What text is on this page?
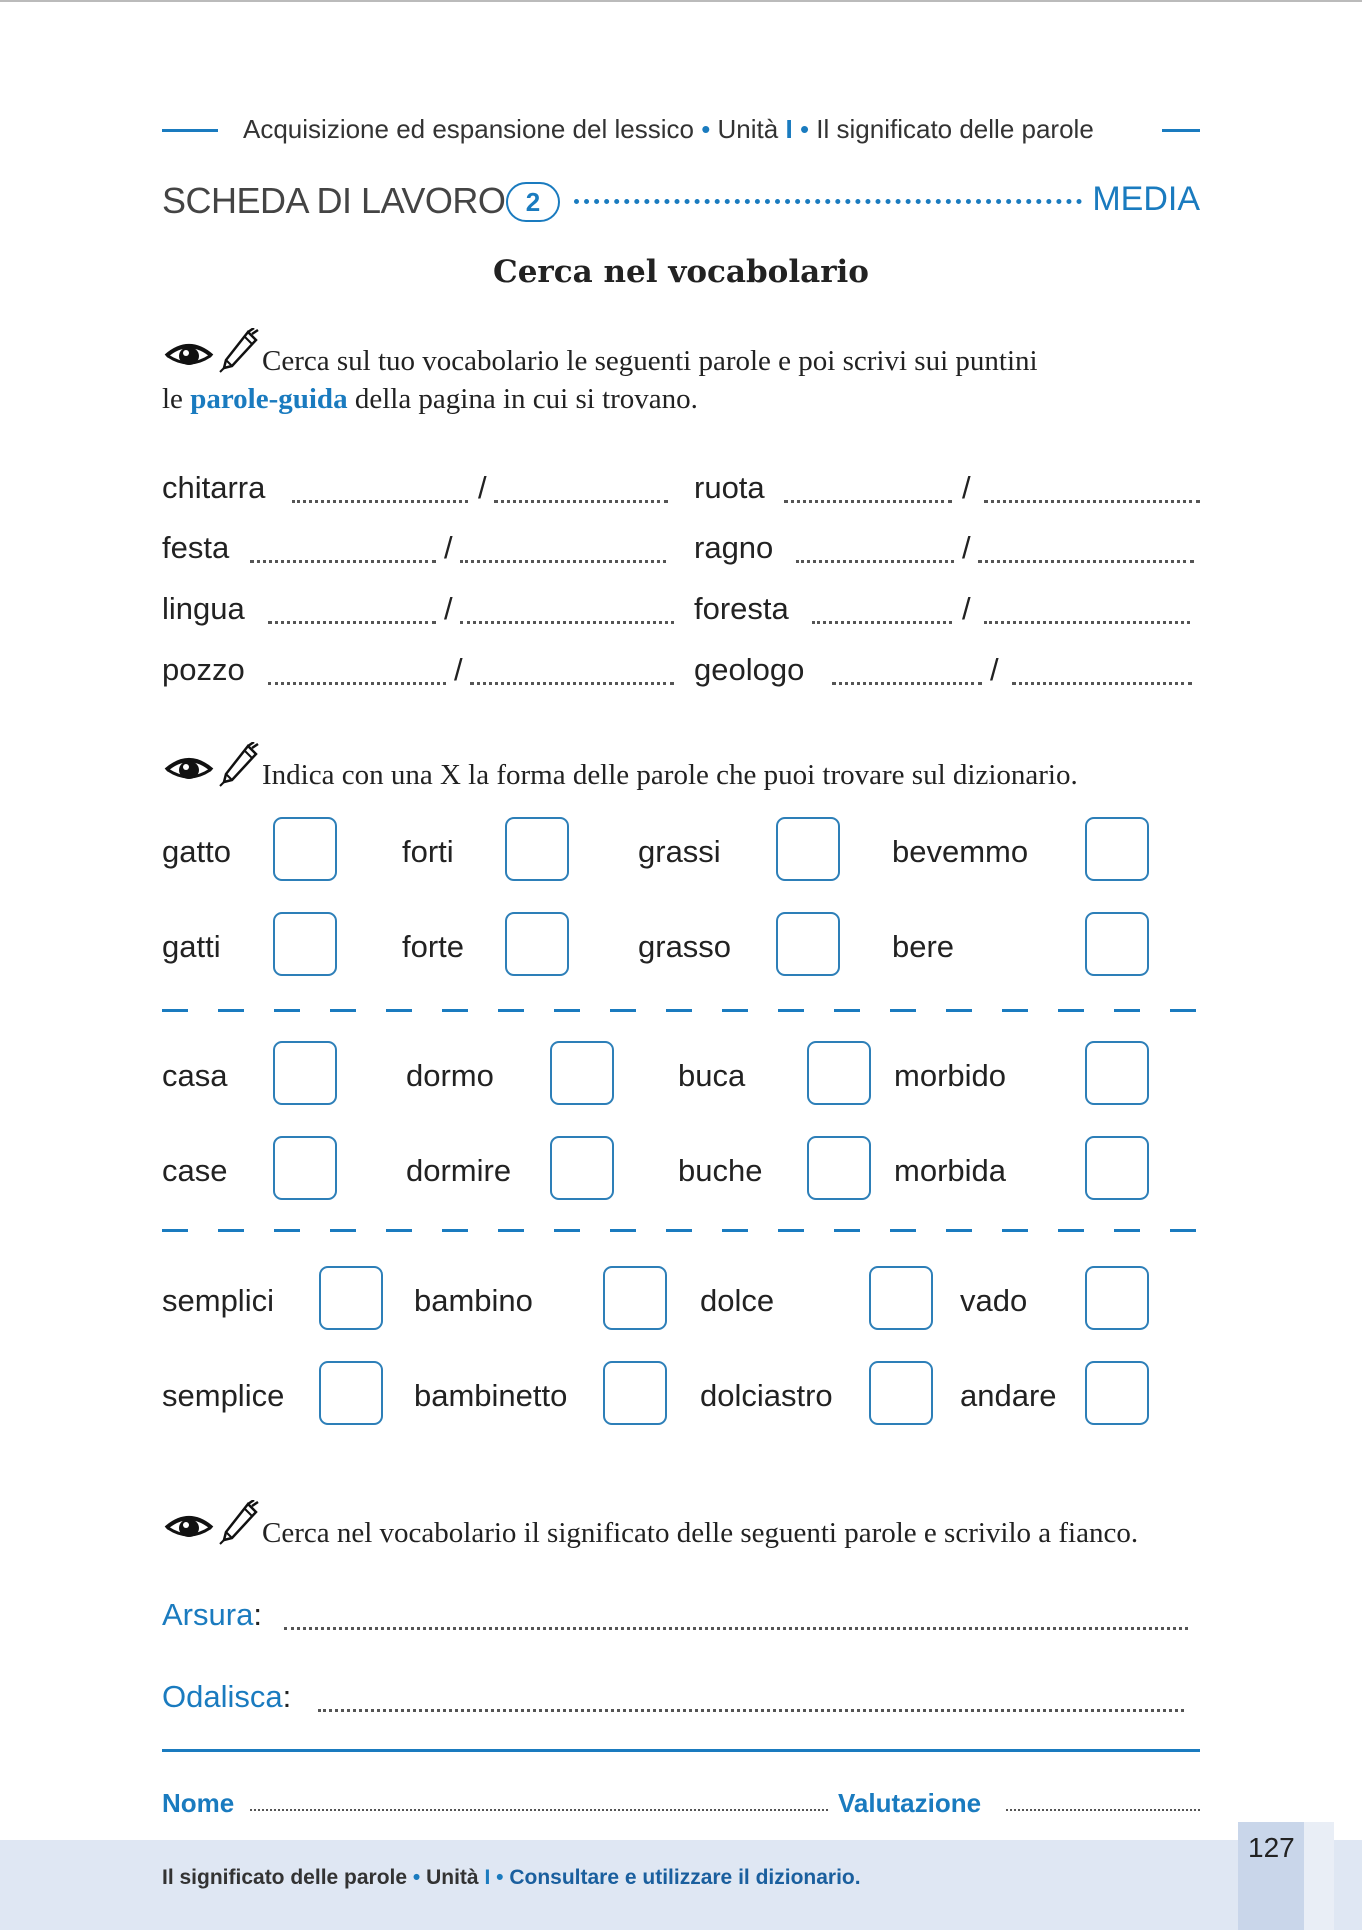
Acquisizione ed espansione del lessico • Unità I • Il significato delle parole
SCHEDA DI LAVORO 2	MEDIA
Cerca nel vocabolario
Cerca sul tuo vocabolario le seguenti parole e poi scrivi sui puntini
le parole-guida della pagina in cui si trovano.
chitarra	/	ruota	/
festa	/	ragno	/
lingua	/	foresta	/
pozzo	/	geologo	/
Indica con una X la forma delle parole che puoi trovare sul dizionario.
gatto	forti	grassi	bevemmo
gatti	forte	grasso	bere
casa	dormo	buca	morbido
case	dormire	buche	morbida
semplici	bambino	dolce	vado
semplice	bambinetto	dolciastro	andare
Cerca nel vocabolario il significato delle seguenti parole e scrivilo a fianco.
Arsura:
Odalisca:
Nome	Valutazione
127
Il significato delle parole • Unità I • Consultare e utilizzare il dizionario.
